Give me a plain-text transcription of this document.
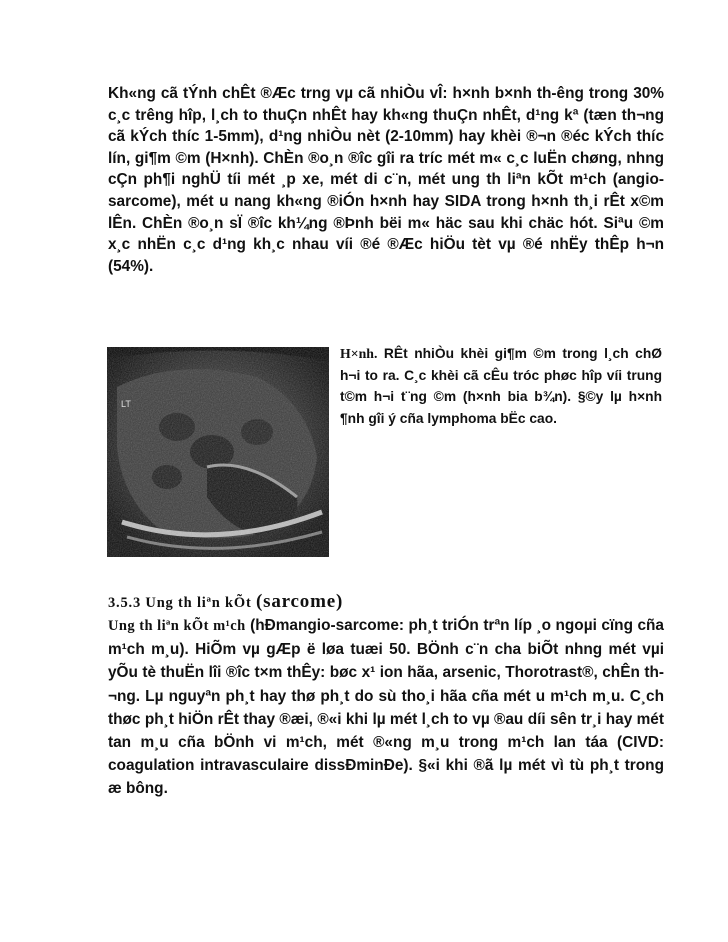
Kh«ng cã tÝnh chÊt ®Æc trng vµ cã nhiÒu vÎ: h×nh b×nh th-êng trong 30% c¸c trêng hîp, l¸ch to thuÇn nhÊt hay kh«ng thuÇn nhÊt, d¹ng kª (tæn th¬ng cã kÝch thíc 1-5mm), d¹ng nhiÒu nèt (2-10mm) hay khèi ®¬n ®éc kÝch thíc lín, gi¶m ©m (H×nh). ChÈn ®o¸n ®îc gîi ra tríc mét m« c¸c luËn chøng, nhng cÇn ph¶i nghÜ tíi mét ¸p xe, mét di c¨n, mét ung th liªn kÕt m¹ch (angio-sarcome), mét u nang kh«ng ®iÓn h×nh hay SIDA trong h×nh th¸i rÊt x©m lÊn. ChÈn ®o¸n sÏ ®îc kh¼ng ®Þnh bëi m« häc sau khi chäc hót. Siªu ©m x¸c nhËn c¸c d¹ng kh¸c nhau víi ®é ®Æc hiÖu tèt vµ ®é nhËy thÊp h¬n (54%).

LT

H×nh. RÊt nhiÒu khèi gi¶m ©m trong l¸ch chØ h¬i to ra. C¸c khèi cã cÊu tróc phøc hîp víi trung t©m h¬i t¨ng ©m (h×nh bia b¾n). §©y lµ h×nh ¶nh gîi ý cña lymphoma bËc cao.

3.5.3 Ung th liªn kÕt (sarcome)

Ung th liªn kÕt m¹ch (hÐmangio-sarcome: ph¸t triÓn trªn líp ¸o ngoµi cïng cña m¹ch m¸u). HiÕm vµ gÆp ë løa tuæi 50. BÖnh c¨n cha biÕt nhng mét vµi yÕu tè thuËn lîi ®îc t×m thÊy: bøc x¹ ion hãa, arsenic, Thorotrast®, chÊn th¬ng. Lµ nguyªn ph¸t hay thø ph¸t do sù tho¸i hãa cña mét u m¹ch m¸u. C¸ch thøc ph¸t hiÖn rÊt thay ®æi, ®«i khi lµ mét l¸ch to vµ ®au díi sên tr¸i hay mét tan m¸u cña bÖnh vi m¹ch, mét ®«ng m¸u trong m¹ch lan táa (CIVD: coagulation intravasculaire dissÐminÐe). §«i khi ®ã lµ mét vì tù ph¸t trong æ bông.
